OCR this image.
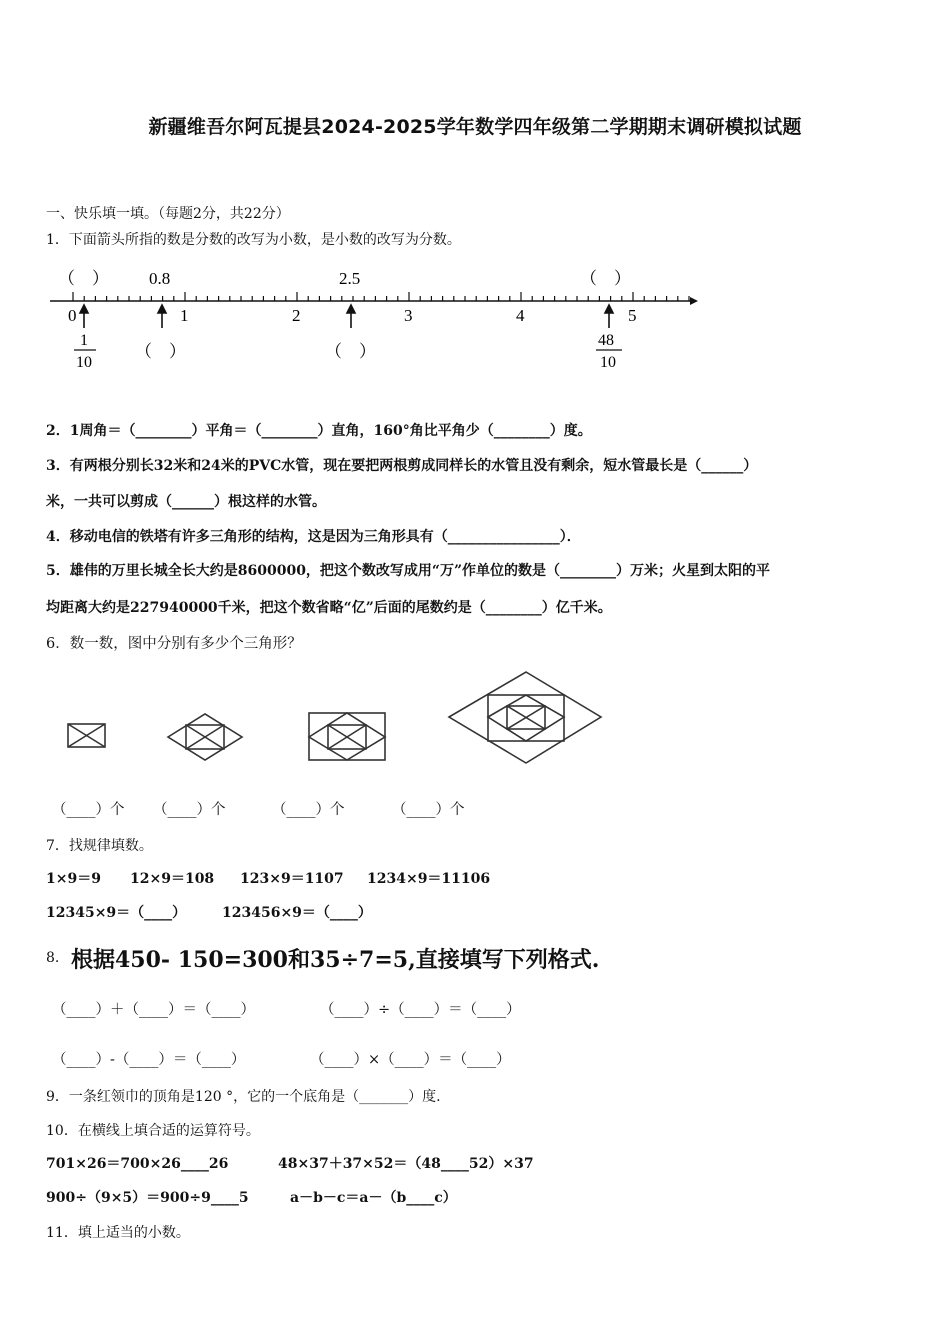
新疆维吾尔阿瓦提县2024-2025学年数学四年级第二学期期末调研模拟试题
一、快乐填一填。（每题2分，共22分）
1．下面箭头所指的数是分数的改写为小数，是小数的改写为分数。
（　） 0.8	2.5	（　）
0	1	2	3	4	5
1
10
（　）	（　）
48
10
2．1周角＝（________）平角＝（________）直角，160°角比平角少（________）度。
3．有两根分别长32米和24米的PVC水管，现在要把两根剪成同样长的水管且没有剩余，短水管最长是（______）
米，一共可以剪成（______）根这样的水管。
4．移动电信的铁塔有许多三角形的结构，这是因为三角形具有（________________）．
5．雄伟的万里长城全长大约是8600000，把这个数改写成用“万”作单位的数是（________）万米；火星到太阳的平
均距离大约是227940000千米，把这个数省略“亿”后面的尾数约是（________）亿千米。
6．数一数，图中分别有多少个三角形？
（____）个 （____）个	（____）个	（____）个
7．找规律填数。
1×9＝9 12×9＝108 123×9＝1107 1234×9＝11106
12345×9＝（____）	123456×9＝（____）
8. 根据450- 150=300和35÷7=5,直接填写下列格式.
（____）＋（____）＝（____）	（____）÷（____）＝（____）
（____）-（____）＝（____）	（____）×（____）＝（____）
9．一条红领巾的顶角是120 °，它的一个底角是（_______）度.
10．在横线上填合适的运算符号。
701×26＝700×26____26	48×37＋37×52＝（48____52）×37
900÷（9×5）＝900÷9____5	a－b－c＝a－（b____c）
11．填上适当的小数。
